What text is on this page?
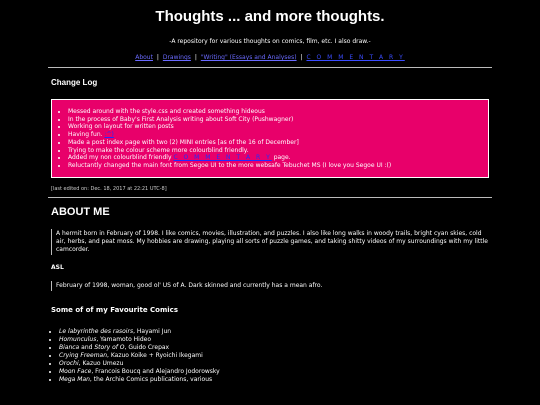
Thoughts ... and more thoughts.
-A repository for various thoughts on comics, film, etc. I also draw.-
About | Drawings | "Writing" (Essays and Analyses) | C O M M E N T A R Y
Change Log
• Messed around with the style.css and created something hideous
• In the process of Baby's First Analysis writing about Soft City (Pushwagner)
• Working on layout for written posts
• Having fun. :^)
• Made a post index page with two (2) MINI entries [as of the 16 of December]
• Trying to make the colour scheme more colourblind friendly.
• Added my non colourblind friendly C O M M E N T A R Y page.
• Reluctantly changed the main font from Segoe UI to the more websafe Tebuchet MS (I love you Segoe UI :()
[last edited on: Dec. 18, 2017 at 22:21 UTC-8]
ABOUT ME
A hermit born in February of 1998. I like comics, movies, illustration, and puzzles. I also like long walks in woody trails, bright cyan skies, cold air, herbs, and peat moss. My hobbies are drawing, playing all sorts of puzzle games, and taking shitty videos of my surroundings with my little camcorder.
ASL
February of 1998, woman, good ol' US of A. Dark skinned and currently has a mean afro.
Some of of my Favourite Comics
• Le labyrinthe des rasoirs, Hayami Jun
• Homunculus, Yamamoto Hideo
• Bianca and Story of O, Guido Crepax
• Crying Freeman, Kazuo Koike + Ryoichi Ikegami
• Orochi, Kazuo Umezu
• Moon Face, Francois Boucq and Alejandro Jodorowsky
• Mega Man, the Archie Comics publications, various
